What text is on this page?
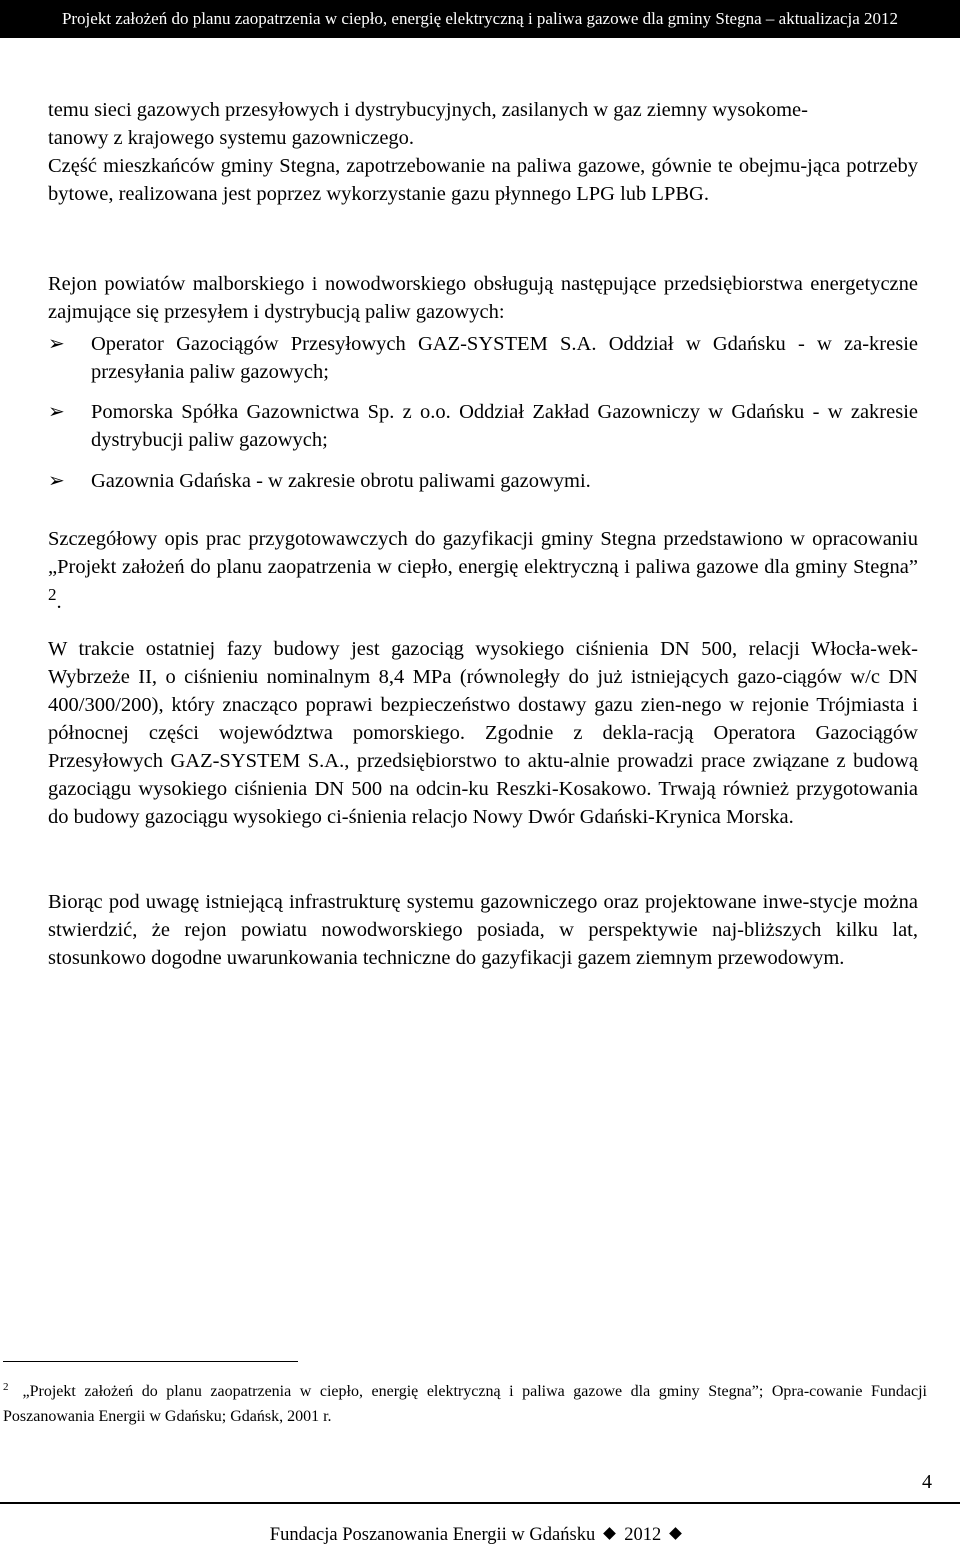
Projekt założeń do planu zaopatrzenia w ciepło, energię elektryczną i paliwa gazowe dla gminy Stegna – aktualizacja 2012
temu sieci gazowych przesyłowych i dystrybucyjnych, zasilanych w gaz ziemny wysokome-
tanowy z krajowego systemu gazowniczego.
Część mieszkańców gminy Stegna, zapotrzebowanie na paliwa gazowe, gównie te obejmu-jąca potrzeby bytowe, realizowana jest poprzez wykorzystanie gazu płynnego LPG lub LPBG.
Rejon powiatów malborskiego i nowodworskiego obsługują następujące przedsiębiorstwa energetyczne zajmujące się przesyłem i dystrybucją paliw gazowych:
➢ Operator Gazociągów Przesyłowych GAZ-SYSTEM S.A. Oddział w Gdańsku - w za-kresie przesyłania paliw gazowych;
➢ Pomorska Spółka Gazownictwa Sp. z o.o. Oddział Zakład Gazowniczy w Gdańsku - w zakresie dystrybucji paliw gazowych;
➢ Gazownia Gdańska - w zakresie obrotu paliwami gazowymi.
Szczegółowy opis prac przygotowawczych do gazyfikacji gminy Stegna przedstawiono w opracowaniu „Projekt założeń do planu zaopatrzenia w ciepło, energię elektryczną i paliwa gazowe dla gminy Stegna” $^2$.
W trakcie ostatniej fazy budowy jest gazociąg wysokiego ciśnienia DN 500, relacji Włocła-wek-Wybrzeże II, o ciśnieniu nominalnym 8,4 MPa (równoległy do już istniejących gazo-ciągów w/c DN 400/300/200), który znacząco poprawi bezpieczeństwo dostawy gazu zien-nego w rejonie Trójmiasta i północnej części województwa pomorskiego. Zgodnie z dekla-racją Operatora Gazociągów Przesyłowych GAZ-SYSTEM S.A., przedsiębiorstwo to aktu-alnie prowadzi prace związane z budową gazociągu wysokiego ciśnienia DN 500 na odcin-ku Reszki-Kosakowo. Trwają również przygotowania do budowy gazociągu wysokiego ci-śnienia relacjo Nowy Dwór Gdański-Krynica Morska.
Biorąc pod uwagę istniejącą infrastrukturę systemu gazowniczego oraz projektowane inwe-stycje można stwierdzić, że rejon powiatu nowodworskiego posiada, w perspektywie naj-bliższych kilku lat, stosunkowo dogodne uwarunkowania techniczne do gazyfikacji gazem ziemnym przewodowym.
$^2$ „Projekt założeń do planu zaopatrzenia w ciepło, energię elektryczną i paliwa gazowe dla gminy Stegna”; Opra-cowanie Fundacji Poszanowania Energii w Gdańsku; Gdańsk, 2001 r.
4
Fundacja Poszanowania Energii w Gdańsku 2012
